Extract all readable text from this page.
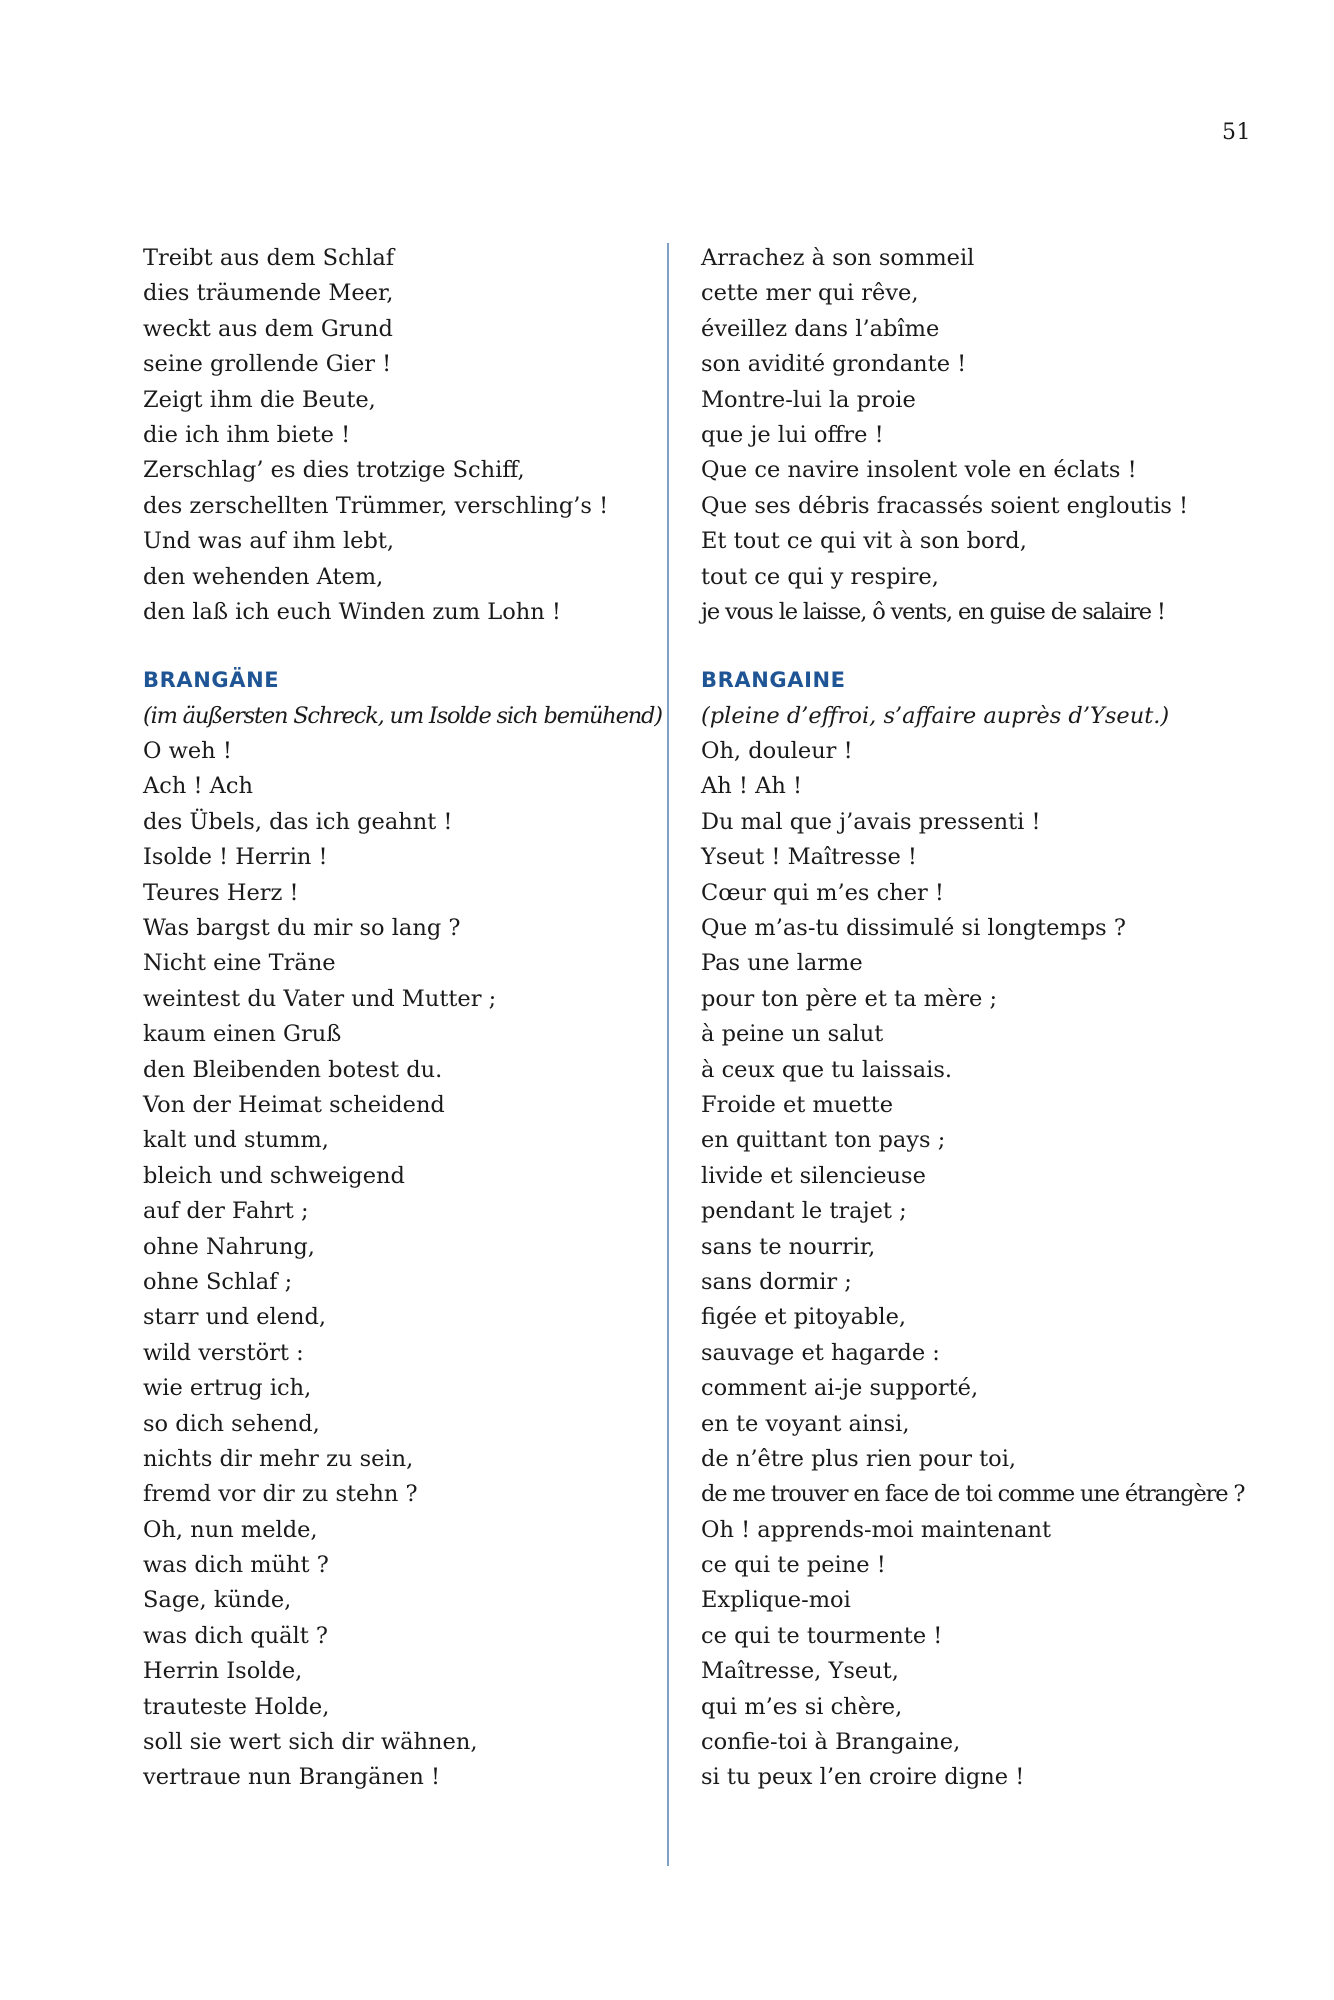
51
Treibt aus dem Schlaf
dies träumende Meer,
weckt aus dem Grund
seine grollende Gier !
Zeigt ihm die Beute,
die ich ihm biete !
Zerschlag’ es dies trotzige Schiff,
des zerschellten Trümmer, verschling’s !
Und was auf ihm lebt,
den wehenden Atem,
den laß ich euch Winden zum Lohn !
BRANGÄNE
(im äußersten Schreck, um Isolde sich bemühend)
O weh !
Ach ! Ach
des Übels, das ich geahnt !
Isolde ! Herrin !
Teures Herz !
Was bargst du mir so lang ?
Nicht eine Träne
weintest du Vater und Mutter ;
kaum einen Gruß
den Bleibenden botest du.
Von der Heimat scheidend
kalt und stumm,
bleich und schweigend
auf der Fahrt ;
ohne Nahrung,
ohne Schlaf ;
starr und elend,
wild verstört :
wie ertrug ich,
so dich sehend,
nichts dir mehr zu sein,
fremd vor dir zu stehn ?
Oh, nun melde,
was dich müht ?
Sage, künde,
was dich quält ?
Herrin Isolde,
trauteste Holde,
soll sie wert sich dir wähnen,
vertraue nun Brangänen !
Arrachez à son sommeil
cette mer qui rêve,
éveillez dans l’abîme
son avidité grondante !
Montre-lui la proie
que je lui offre !
Que ce navire insolent vole en éclats !
Que ses débris fracassés soient engloutis !
Et tout ce qui vit à son bord,
tout ce qui y respire,
je vous le laisse, ô vents, en guise de salaire !
BRANGAINE
(pleine d’effroi, s’affaire auprès d’Yseut.)
Oh, douleur !
Ah ! Ah !
Du mal que j’avais pressenti !
Yseut ! Maîtresse !
Cœur qui m’es cher !
Que m’as-tu dissimulé si longtemps ?
Pas une larme
pour ton père et ta mère ;
à peine un salut
à ceux que tu laissais.
Froide et muette
en quittant ton pays ;
livide et silencieuse
pendant le trajet ;
sans te nourrir,
sans dormir ;
figée et pitoyable,
sauvage et hagarde :
comment ai-je supporté,
en te voyant ainsi,
de n’être plus rien pour toi,
de me trouver en face de toi comme une étrangère ?
Oh ! apprends-moi maintenant
ce qui te peine !
Explique-moi
ce qui te tourmente !
Maîtresse, Yseut,
qui m’es si chère,
confie-toi à Brangaine,
si tu peux l’en croire digne !
